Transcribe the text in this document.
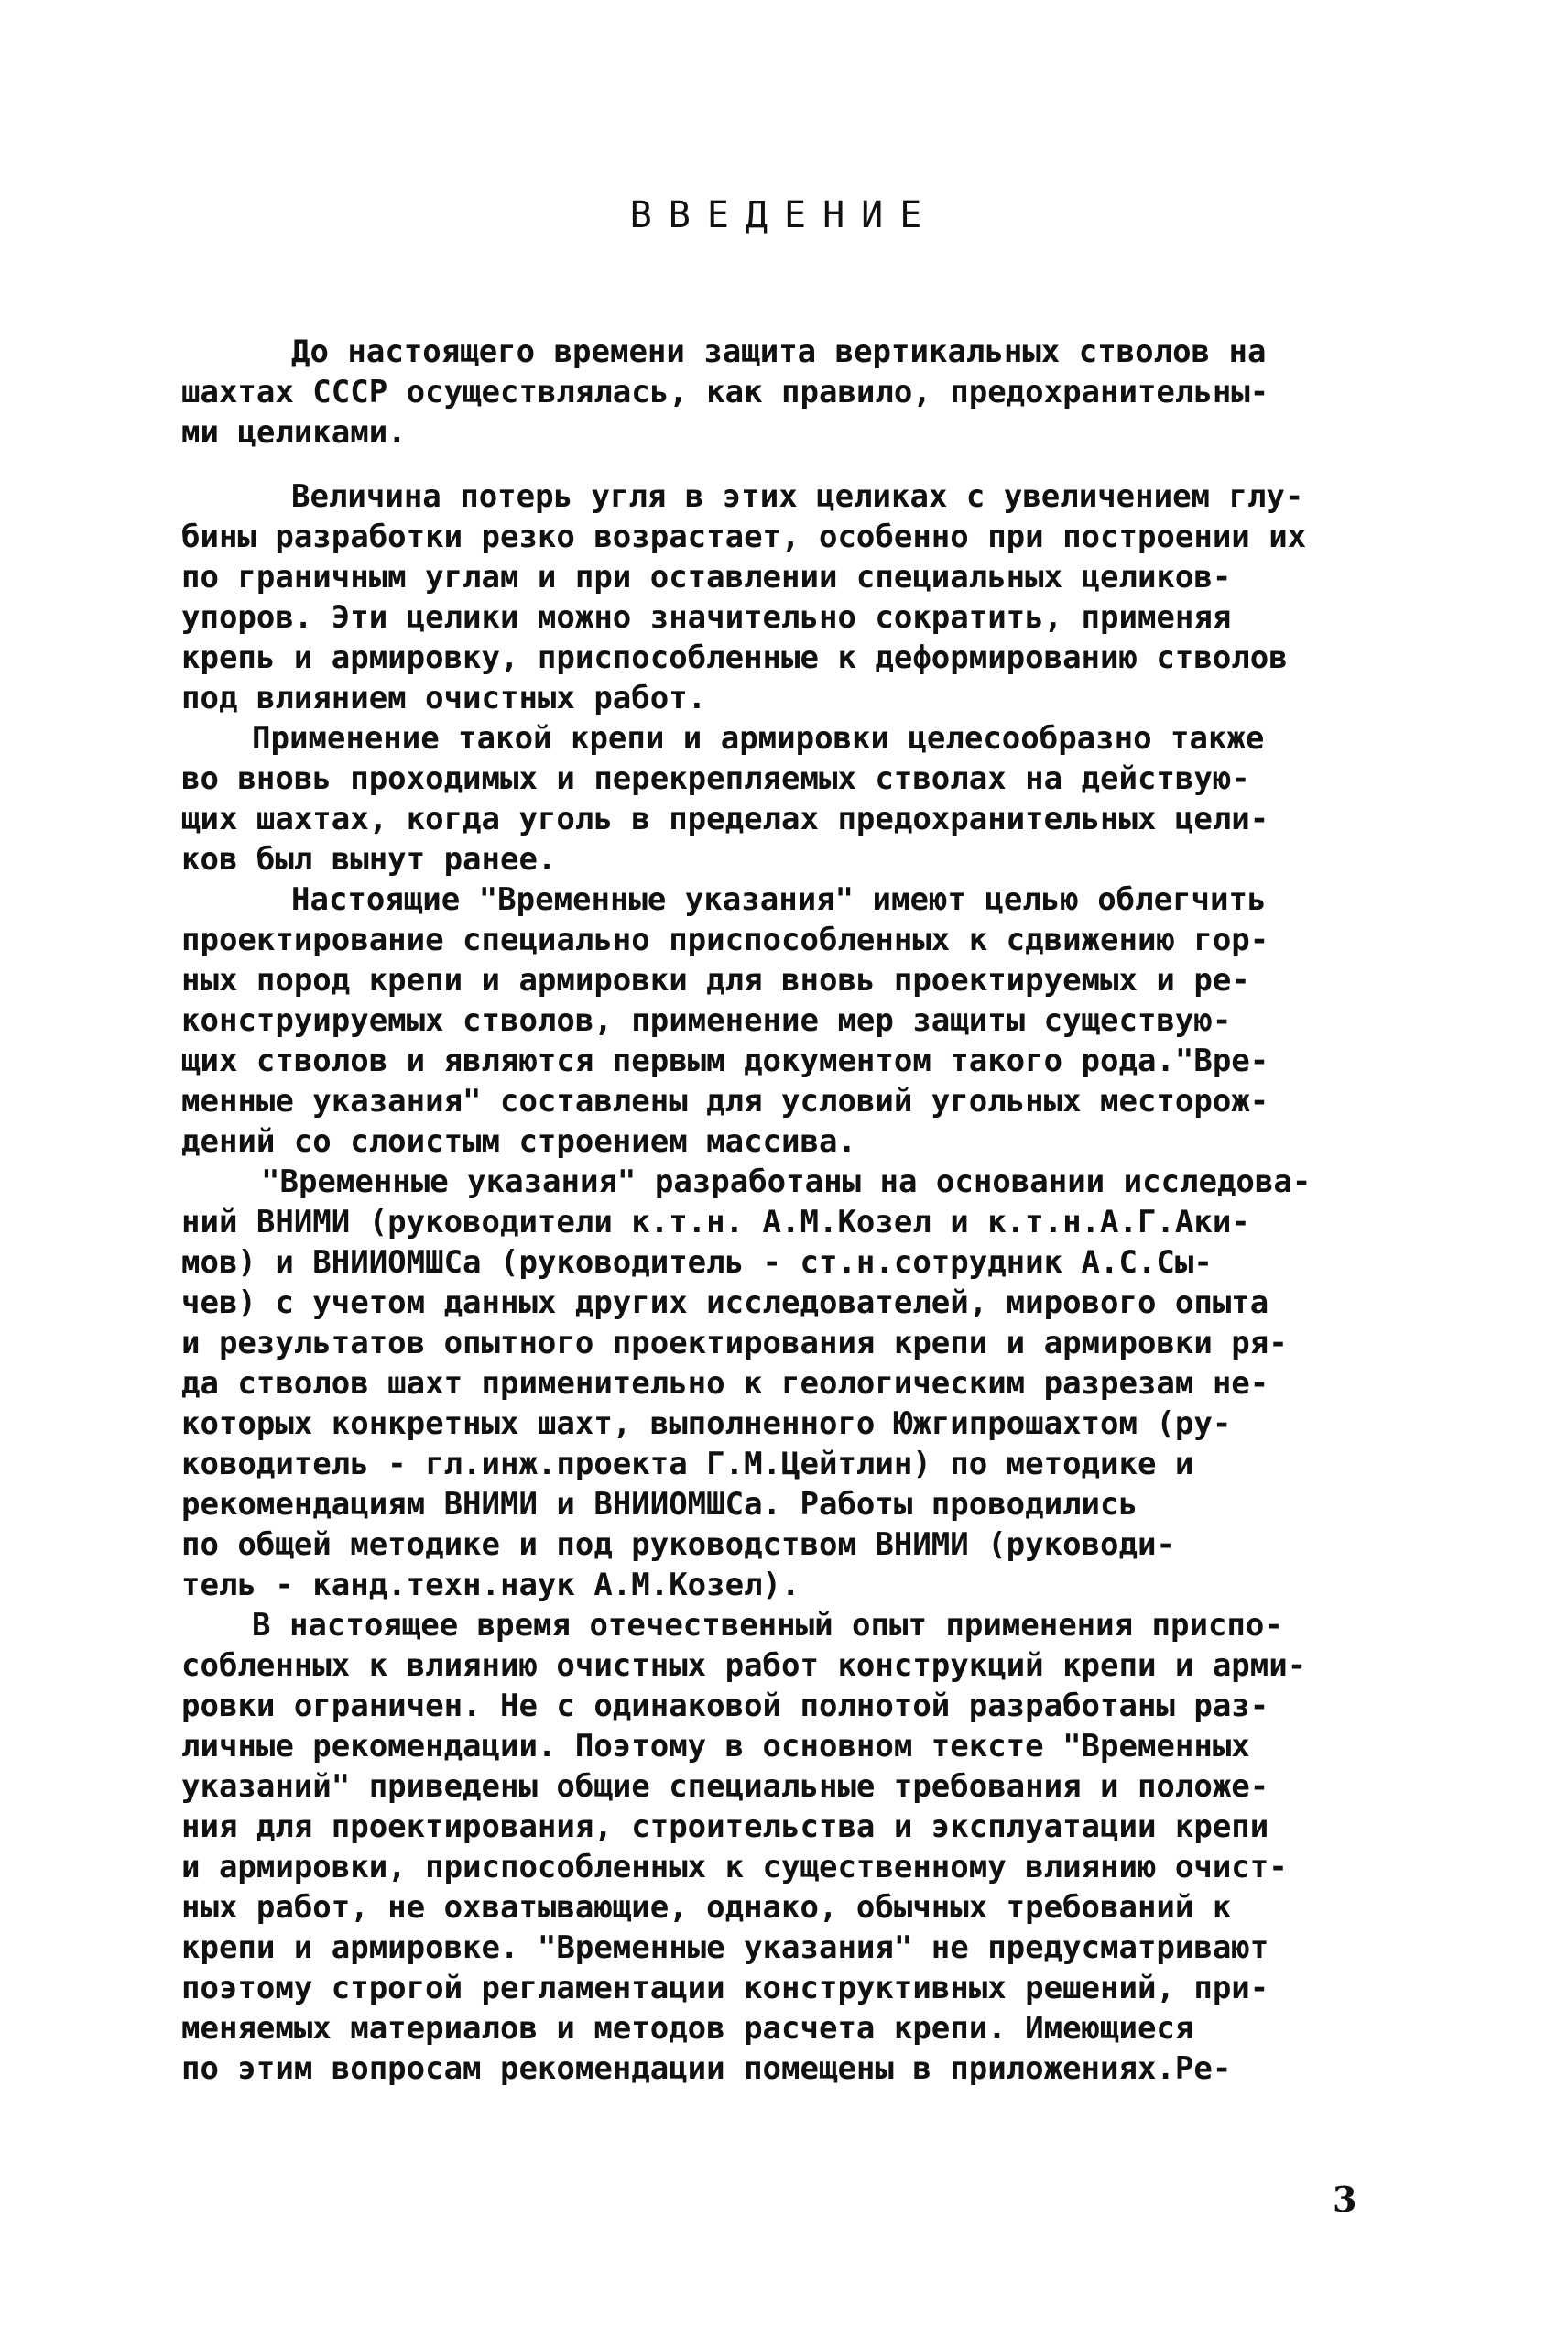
ВВЕДЕНИЕ
До настоящего времени защита вертикальных стволов на
шахтах СССР осуществлялась, как правило, предохранительны-
ми целиками.
Величина потерь угля в этих целиках с увеличением глу-
бины разработки резко возрастает, особенно при построении их
по граничным углам и при оставлении специальных целиков-
упоров. Эти целики можно значительно сократить, применяя
крепь и армировку, приспособленные к деформированию стволов
под влиянием очистных работ.
Применение такой крепи и армировки целесообразно также
во вновь проходимых и перекрепляемых стволах на действую-
щих шахтах, когда уголь в пределах предохранительных цели-
ков был вынут ранее.
Настоящие "Временные указания" имеют целью облегчить
проектирование специально приспособленных к сдвижению гор-
ных пород крепи и армировки для вновь проектируемых и ре-
конструируемых стволов, применение мер защиты существую-
щих стволов и являются первым документом такого рода."Вре-
менные указания" составлены для условий угольных месторож-
дений со слоистым строением массива.
"Временные указания" разработаны на основании исследова-
ний ВНИМИ (руководители к.т.н. А.М.Козел и к.т.н.А.Г.Аки-
мов) и ВНИИОМШСа (руководитель - ст.н.сотрудник А.С.Сы-
чев) с учетом данных других исследователей, мирового опыта
и результатов опытного проектирования крепи и армировки ря-
да стволов шахт применительно к геологическим разрезам не-
которых конкретных шахт, выполненного Южгипрошахтом (ру-
ководитель - гл.инж.проекта Г.М.Цейтлин) по методике и
рекомендациям ВНИМИ и ВНИИОМШСа. Работы проводились
по общей методике и под руководством ВНИМИ (руководи-
тель - канд.техн.наук А.М.Козел).
В настоящее время отечественный опыт применения приспо-
собленных к влиянию очистных работ конструкций крепи и арми-
ровки ограничен. Не с одинаковой полнотой разработаны раз-
личные рекомендации. Поэтому в основном тексте "Временных
указаний" приведены общие специальные требования и положе-
ния для проектирования, строительства и эксплуатации крепи
и армировки, приспособленных к существенному влиянию очист-
ных работ, не охватывающие, однако, обычных требований к
крепи и армировке. "Временные указания" не предусматривают
поэтому строгой регламентации конструктивных решений, при-
меняемых материалов и методов расчета крепи. Имеющиеся
по этим вопросам рекомендации помещены в приложениях.Ре-
3
